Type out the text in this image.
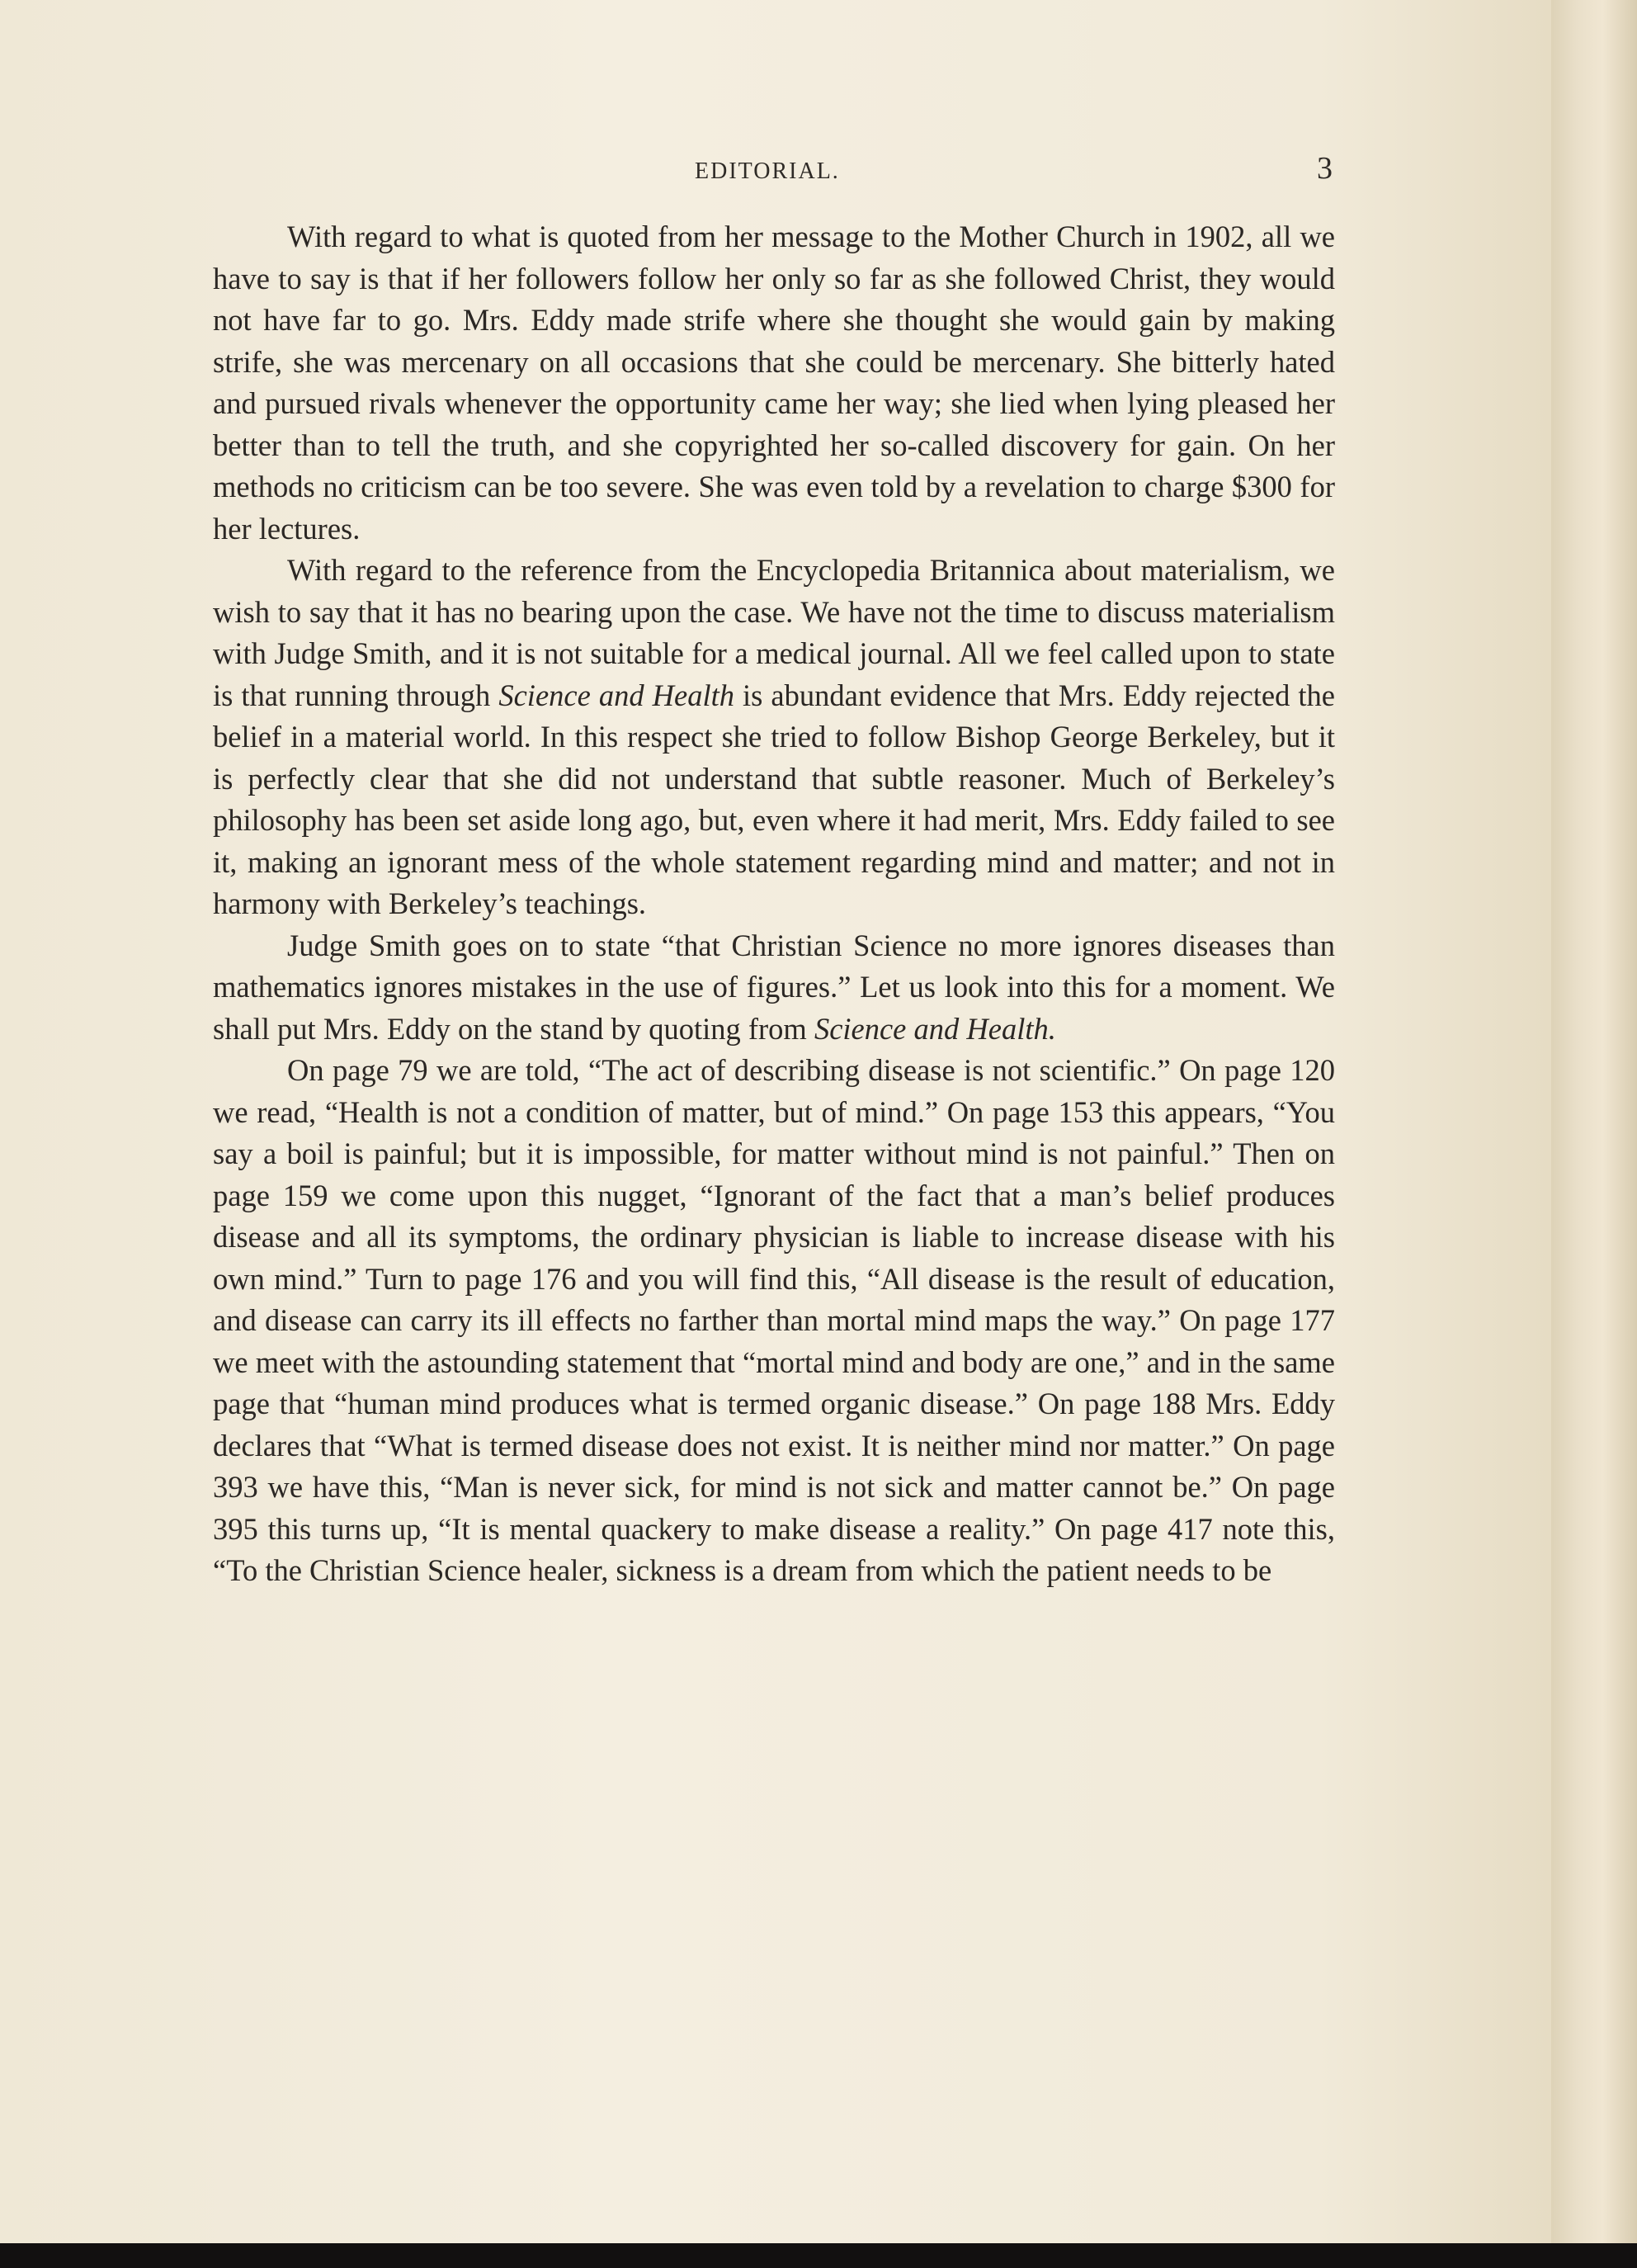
EDITORIAL.	3

With regard to what is quoted from her message to the Mother Church in 1902, all we have to say is that if her followers follow her only so far as she followed Christ, they would not have far to go. Mrs. Eddy made strife where she thought she would gain by making strife, she was mercenary on all occasions that she could be mercenary. She bitterly hated and pursued rivals whenever the opportunity came her way; she lied when lying pleased her better than to tell the truth, and she copyrighted her so-called discovery for gain. On her methods no criticism can be too severe. She was even told by a revelation to charge $300 for her lectures.

With regard to the reference from the Encyclopedia Britannica about materialism, we wish to say that it has no bearing upon the case. We have not the time to discuss materialism with Judge Smith, and it is not suitable for a medical journal. All we feel called upon to state is that running through Science and Health is abundant evidence that Mrs. Eddy rejected the belief in a material world. In this respect she tried to follow Bishop George Berkeley, but it is perfectly clear that she did not understand that subtle reasoner. Much of Berkeley’s philosophy has been set aside long ago, but, even where it had merit, Mrs. Eddy failed to see it, making an ignorant mess of the whole statement regarding mind and matter; and not in harmony with Berkeley’s teachings.

Judge Smith goes on to state “that Christian Science no more ignores diseases than mathematics ignores mistakes in the use of figures.” Let us look into this for a moment. We shall put Mrs. Eddy on the stand by quoting from Science and Health.

On page 79 we are told, “The act of describing disease is not scientific.” On page 120 we read, “Health is not a condition of matter, but of mind.” On page 153 this appears, “You say a boil is painful; but it is impossible, for matter without mind is not painful.” Then on page 159 we come upon this nugget, “Ignorant of the fact that a man’s belief produces disease and all its symptoms, the ordinary physician is liable to increase disease with his own mind.” Turn to page 176 and you will find this, “All disease is the result of education, and disease can carry its ill effects no farther than mortal mind maps the way.” On page 177 we meet with the astounding statement that “mortal mind and body are one,” and in the same page that “human mind produces what is termed organic disease.” On page 188 Mrs. Eddy declares that “What is termed disease does not exist. It is neither mind nor matter.” On page 393 we have this, “Man is never sick, for mind is not sick and matter cannot be.” On page 395 this turns up, “It is mental quackery to make disease a reality.” On page 417 note this, “To the Christian Science healer, sickness is a dream from which the patient needs to be
